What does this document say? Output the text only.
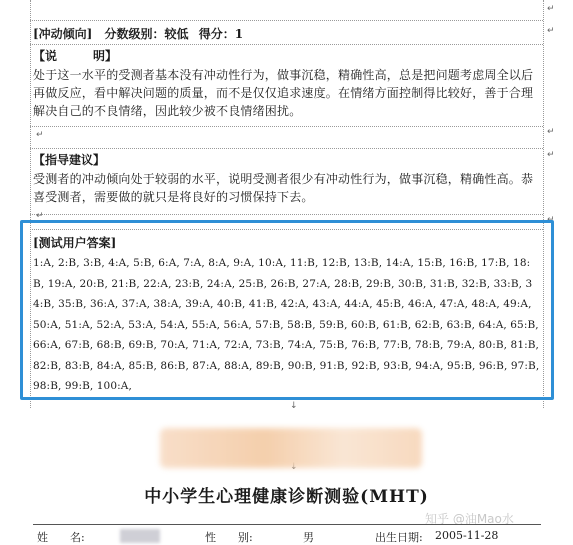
↵
↵
↵
↵
↵
↵
↵
↓
[冲动倾向] 分数级别：较低 得分：1
【说　　　明】
处于这一水平的受测者基本没有冲动性行为，做事沉稳，精确性高，总是把问题考虑周全以后再做反应，看中解决问题的质量，而不是仅仅追求速度。在情绪方面控制得比较好，善于合理解决自己的不良情绪，因此较少被不良情绪困扰。
【指导建议】
受测者的冲动倾向处于较弱的水平，说明受测者很少有冲动性行为，做事沉稳，精确性高。恭喜受测者，需要做的就只是将良好的习惯保持下去。
[测试用户答案]
1:A, 2:B, 3:B, 4:A, 5:B, 6:A, 7:A, 8:A, 9:A, 10:A, 11:B, 12:B, 13:B, 14:A, 15:B, 16:B, 17:B, 18:B, 19:A, 20:B, 21:B, 22:A, 23:B, 24:A, 25:B, 26:B, 27:A, 28:B, 29:B, 30:B, 31:B, 32:B, 33:B, 34:B, 35:B, 36:A, 37:A, 38:A, 39:A, 40:B, 41:B, 42:A, 43:A, 44:A, 45:B, 46:A, 47:A, 48:A, 49:A, 50:A, 51:A, 52:A, 53:A, 54:A, 55:A, 56:A, 57:B, 58:B, 59:B, 60:B, 61:B, 62:B, 63:B, 64:A, 65:B, 66:A, 67:B, 68:B, 69:B, 70:A, 71:A, 72:A, 73:B, 74:A, 75:B, 76:B, 77:B, 78:B, 79:A, 80:B, 81:B, 82:B, 83:B, 84:A, 85:B, 86:B, 87:A, 88:A, 89:B, 90:B, 91:B, 92:B, 93:B, 94:A, 95:B, 96:B, 97:B, 98:B, 99:B, 100:A,
中小学生心理健康诊断测验(MHT)
知乎 @油Mao水
姓　　名:	性　　别:	男	出生日期: 2005-11-28
